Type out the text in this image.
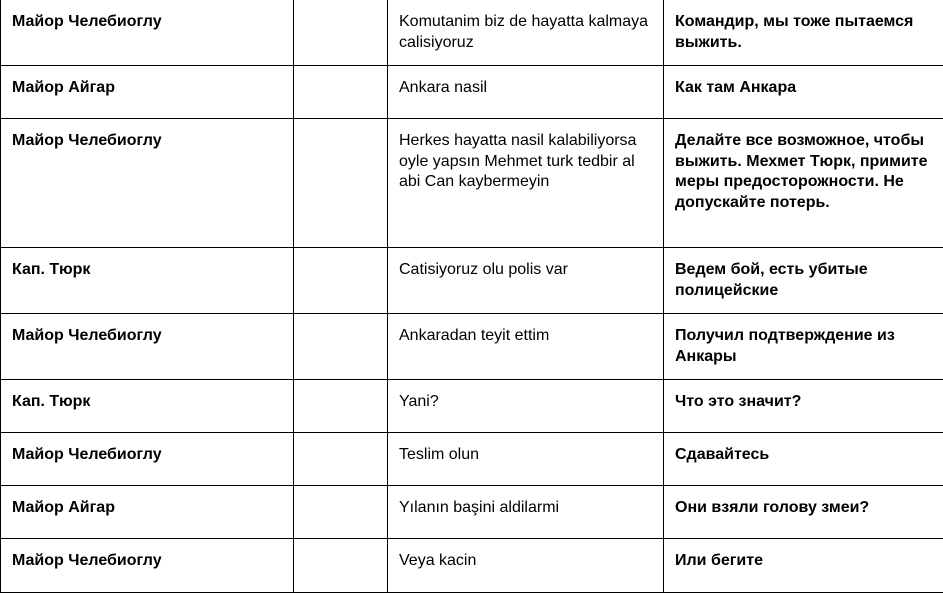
Майор Челебиоглу		Komutanim biz de hayatta kalmaya calisiyoruz	Командир, мы тоже пытаемся выжить.
Майор Айгар		Ankara nasil	Как там Анкара
Майор Челебиоглу		Herkes hayatta nasil kalabiliyorsa oyle yapsın Mehmet turk tedbir al abi Can kaybermeyin	Делайте все возможное, чтобы выжить. Мехмет Тюрк, примите меры предосторожности. Не допускайте потерь.
Кап. Тюрк		Catisiyoruz olu polis var	Ведем бой, есть убитые полицейские
Майор Челебиоглу		Ankaradan teyit ettim	Получил подтверждение из Анкары
Кап. Тюрк		Yani?	Что это значит?
Майор Челебиоглу		Teslim olun	Сдавайтесь
Майор Айгар		Yılanın başini aldilarmi	Они взяли голову змеи?
Майор Челебиоглу		Veya kacin	Или бегите
